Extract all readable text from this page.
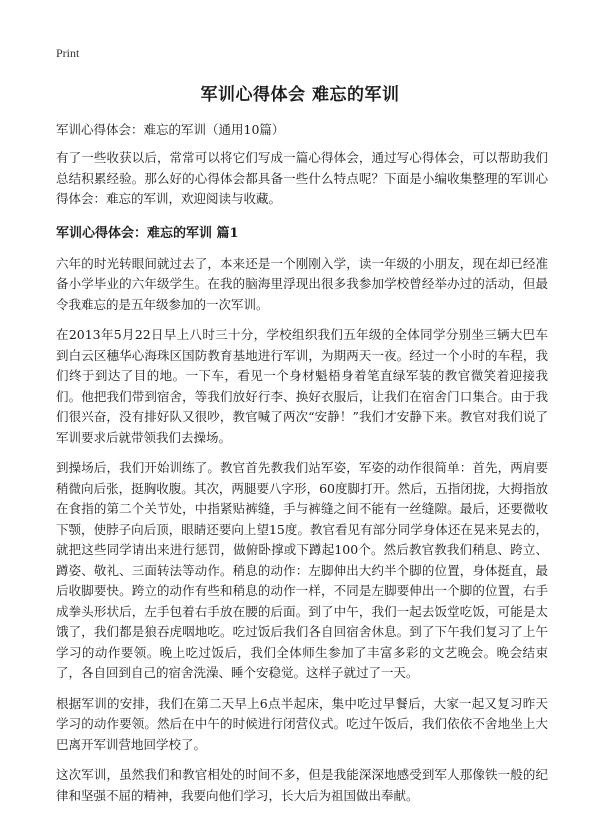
Print
军训心得体会 难忘的军训
军训心得体会：难忘的军训（通用10篇）

有了一些收获以后，常常可以将它们写成一篇心得体会，通过写心得体会，可以帮助我们总结积累经验。那么好的心得体会都具备一些什么特点呢？下面是小编收集整理的军训心得体会：难忘的军训，欢迎阅读与收藏。

军训心得体会：难忘的军训 篇1

六年的时光转眼间就过去了，本来还是一个刚刚入学，读一年级的小朋友，现在却已经准备小学毕业的六年级学生。在我的脑海里浮现出很多我参加学校曾经举办过的活动，但最令我难忘的是五年级参加的一次军训。

在2013年5月22日早上八时三十分，学校组织我们五年级的全体同学分别坐三辆大巴车到白云区穗华心海珠区国防教育基地进行军训，为期两天一夜。经过一个小时的车程，我们终于到达了目的地。一下车，看见一个身材魁梧身着笔直绿军装的教官微笑着迎接我们。他把我们带到宿舍，等我们放好行李、换好衣服后，让我们在宿舍门口集合。由于我们很兴奋，没有排好队又很吵，教官喊了两次“安静！”我们才安静下来。教官对我们说了军训要求后就带领我们去操场。

到操场后，我们开始训练了。教官首先教我们站军姿，军姿的动作很简单：首先，两肩要稍微向后张，挺胸收腹。其次，两腿要八字形，60度脚打开。然后，五指闭拢，大拇指放在食指的第二个关节处，中指紧贴裤缝，手与裤缝之间不能有一丝缝隙。最后，还要微收下颚，使脖子向后顶，眼睛还要向上望15度。教官看见有部分同学身体还在晃来晃去的，就把这些同学请出来进行惩罚，做俯卧撑或下蹲起100个。然后教官教我们稍息、跨立、蹲姿、敬礼、三面转法等动作。稍息的动作：左脚伸出大约半个脚的位置，身体挺直，最后收脚要快。跨立的动作有些和稍息的动作一样，不同是左脚要伸出一个脚的位置，右手成拳头形状后，左手包着右手放在腰的后面。到了中午，我们一起去饭堂吃饭，可能是太饿了，我们都是狼吞虎咽地吃。吃过饭后我们各自回宿舍休息。到了下午我们复习了上午学习的动作要领。晚上吃过饭后，我们全体师生参加了丰富多彩的文艺晚会。晚会结束了，各自回到自己的宿舍洗澡、睡个安稳觉。这样子就过了一天。

根据军训的安排，我们在第二天早上6点半起床，集中吃过早餐后，大家一起又复习昨天学习的动作要领。然后在中午的时候进行闭营仪式。吃过午饭后，我们依依不舍地坐上大巴离开军训营地回学校了。

这次军训，虽然我们和教官相处的时间不多，但是我能深深地感受到军人那像铁一般的纪律和坚强不屈的精神，我要向他们学习，长大后为祖国做出奉献。
